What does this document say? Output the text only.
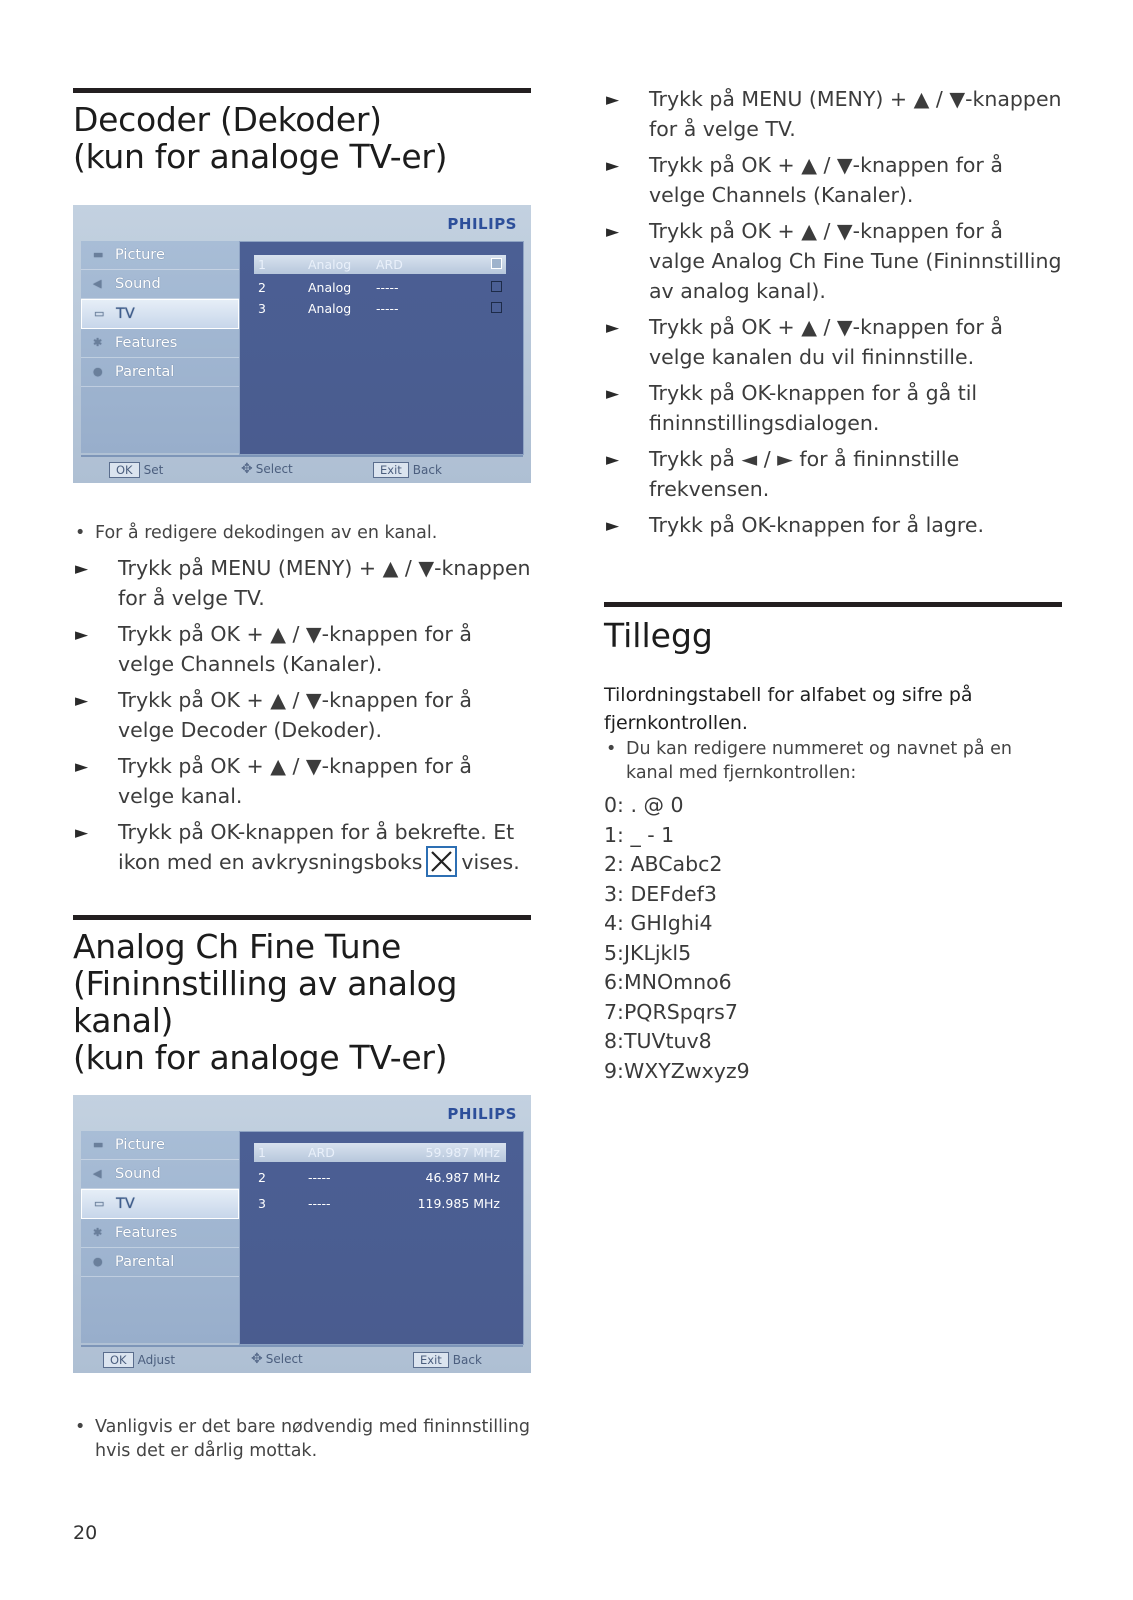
Decoder (Dekoder)
(kun for analoge TV-er)
PHILIPS
▬ Picture
◀ Sound
▭ TV
✱ Features
● Parental
1	Analog ARD
2	Analog -----
3	Analog -----
OK Set	✥ Select	Exit Back
• For å redigere dekodingen av en kanal.
► Trykk på MENU (MENY) + ▲ / ▼-knappen for å velge TV.
► Trykk på OK + ▲ / ▼-knappen for å velge Channels (Kanaler).
► Trykk på OK + ▲ / ▼-knappen for å velge Decoder (Dekoder).
► Trykk på OK + ▲ / ▼-knappen for å velge kanal.
► Trykk på OK-knappen for å bekrefte. Et ikon med en avkrysningsboks vises.
Analog Ch Fine Tune
(Fininnstilling av analog kanal)
(kun for analoge TV-er)
PHILIPS
▬ Picture
◀ Sound
▭ TV
✱ Features
● Parental
1	ARD	59.987 MHz
2	-----	46.987 MHz
3	-----	119.985 MHz
OK Adjust	✥ Select	Exit Back
• Vanligvis er det bare nødvendig med fininnstilling hvis det er dårlig mottak.
► Trykk på MENU (MENY) + ▲ / ▼-knappen for å velge TV.
► Trykk på OK + ▲ / ▼-knappen for å velge Channels (Kanaler).
► Trykk på OK + ▲ / ▼-knappen for å valge Analog Ch Fine Tune (Fininnstilling av analog kanal).
► Trykk på OK + ▲ / ▼-knappen for å velge kanalen du vil fininnstille.
► Trykk på OK-knappen for å gå til fininnstillingsdialogen.
► Trykk på ◄ / ► for å fininnstille frekvensen.
► Trykk på OK-knappen for å lagre.
Tillegg
Tilordningstabell for alfabet og sifre på fjernkontrollen.
• Du kan redigere nummeret og navnet på en kanal med fjernkontrollen:
0: . @ 0
1: _ - 1
2: ABCabc2
3: DEFdef3
4: GHIghi4
5:JKLjkl5
6:MNOmno6
7:PQRSpqrs7
8:TUVtuv8
9:WXYZwxyz9
20
